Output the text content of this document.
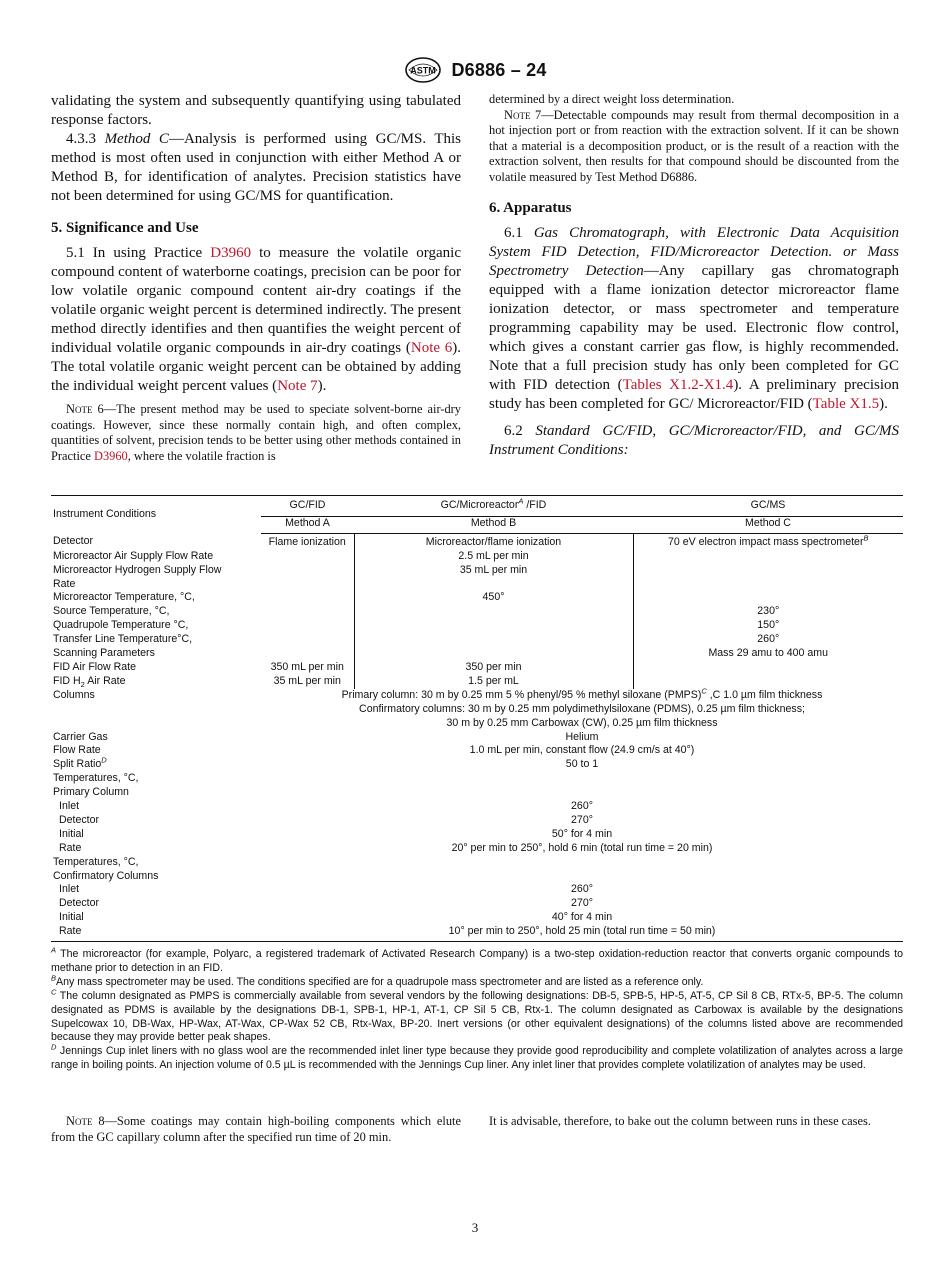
ASTM D6886 – 24

validating the system and subsequently quantifying using tabulated response factors.

4.3.3 Method C—Analysis is performed using GC/MS. This method is most often used in conjunction with either Method A or Method B, for identification of analytes. Precision statistics have not been determined for using GC/MS for quantification.

5. Significance and Use

5.1 In using Practice D3960 to measure the volatile organic compound content of waterborne coatings, precision can be poor for low volatile organic compound content air-dry coatings if the volatile organic weight percent is determined indirectly. The present method directly identifies and then quantifies the weight percent of individual volatile organic compounds in air-dry coatings (Note 6). The total volatile organic weight percent can be obtained by adding the individual weight percent values (Note 7).

Note 6—The present method may be used to speciate solvent-borne air-dry coatings. However, since these normally contain high, and often complex, quantities of solvent, precision tends to be better using other methods contained in Practice D3960, where the volatile fraction is

determined by a direct weight loss determination.

Note 7—Detectable compounds may result from thermal decomposition in a hot injection port or from reaction with the extraction solvent. If it can be shown that a material is a decomposition product, or is the result of a reaction with the extraction solvent, then results for that compound should be discounted from the volatile measured by Test Method D6886.

6. Apparatus

6.1 Gas Chromatograph, with Electronic Data Acquisition System FID Detection, FID/Microreactor Detection. or Mass Spectrometry Detection—Any capillary gas chromatograph equipped with a flame ionization detector microreactor flame ionization detector, or mass spectrometer and temperature programming capability may be used. Electronic flow control, which gives a constant carrier gas flow, is highly recommended. Note that a full precision study has only been completed for GC with FID detection (Tables X1.2-X1.4). A preliminary precision study has been completed for GC/ Microreactor/FID (Table X1.5).

6.2 Standard GC/FID, GC/Microreactor/FID, and GC/MS Instrument Conditions:

Instrument Conditions	GC/FID	GC/Microreactor$^A$ /FID	GC/MS
	Method A	Method B	Method C
Detector	Flame ionization	Microreactor/flame ionization	70 eV electron impact mass spectrometer$^B$
Microreactor Air Supply Flow Rate		2.5 mL per min	
Microreactor Hydrogen Supply Flow		35 mL per min	
Rate			
Microreactor Temperature, °C,		450°	
Source Temperature, °C,			230°
Quadrupole Temperature °C,			150°
Transfer Line Temperature°C,			260°
Scanning Parameters			Mass 29 amu to 400 amu
FID Air Flow Rate	350 mL per min	350 per min	
FID $H_2$ Air Rate	35 mL per min	1.5 per mL	
Columns	Primary column: 30 m by 0.25 mm 5 % phenyl/95 % methyl siloxane (PMPS)$^C$ ,C 1.0 µm film thickness		
	Confirmatory columns: 30 m by 0.25 mm polydimethylsiloxane (PDMS), 0.25 µm film thickness;		
	30 m by 0.25 mm Carbowax (CW), 0.25 µm film thickness		
Carrier Gas	Helium		
Flow Rate	1.0 mL per min, constant flow (24.9 cm/s at 40°)		
Split Ratio$^D$	50 to 1		
Temperatures, °C,			
Primary Column			
Inlet	260°		
Detector	270°		
Initial	50° for 4 min		
Rate	20° per min to 250°, hold 6 min (total run time = 20 min)		
Temperatures, °C,			
Confirmatory Columns			
Inlet	260°		
Detector	270°		
Initial	40° for 4 min		
Rate	10° per min to 250°, hold 25 min (total run time = 50 min)		

$^A$ The microreactor (for example, Polyarc, a registered trademark of Activated Research Company) is a two-step oxidation-reduction reactor that converts organic compounds to methane prior to detection in an FID.

$^B$Any mass spectrometer may be used. The conditions specified are for a quadrupole mass spectrometer and are listed as a reference only.

$^C$ The column designated as PMPS is commercially available from several vendors by the following designations: DB-5, SPB-5, HP-5, AT-5, CP Sil 8 CB, RTx-5, BP-5. The column designated as PDMS is available by the designations DB-1, SPB-1, HP-1, AT-1, CP Sil 5 CB, Rtx-1. The column designated as Carbowax is available by the designations Supelcowax 10, DB-Wax, HP-Wax, AT-Wax, CP-Wax 52 CB, Rtx-Wax, BP-20. Inert versions (or other equivalent designations) of the columns listed above are recommended because they may provide better peak shapes.

$^D$ Jennings Cup inlet liners with no glass wool are the recommended inlet liner type because they provide good reproducibility and complete volatilization of analytes across a large range in boiling points. An injection volume of 0.5 µL is recommended with the Jennings Cup liner. Any inlet liner that provides complete volatilization of analytes may be used.

Note 8—Some coatings may contain high-boiling components which elute from the GC capillary column after the specified run time of 20 min.

It is advisable, therefore, to bake out the column between runs in these cases.

3
